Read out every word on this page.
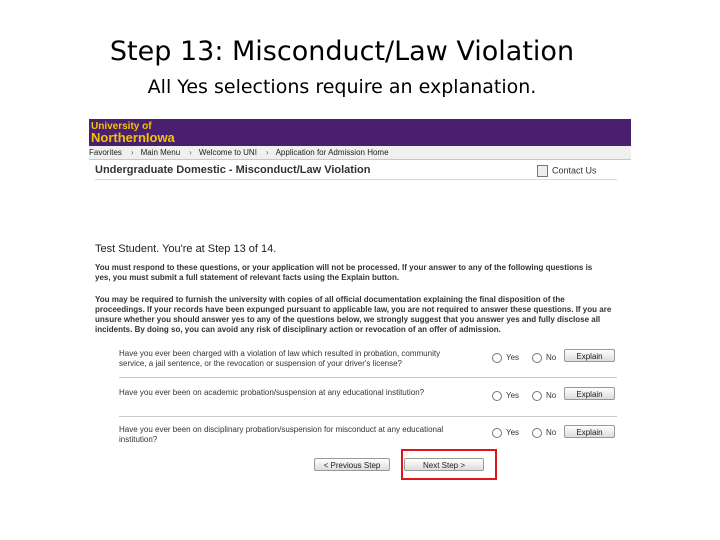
Step 13: Misconduct/Law Violation
All Yes selections require an explanation.
University of
NorthernIowa
Favorites › Main Menu › Welcome to UNI › Application for Admission Home
Undergraduate Domestic - Misconduct/Law Violation	Contact Us
Test Student. You're at Step 13 of 14.
You must respond to these questions, or your application will not be processed. If your answer to any of the following questions is yes, you must submit a full statement of relevant facts using the Explain button.
You may be required to furnish the university with copies of all official documentation explaining the final disposition of the proceedings. If your records have been expunged pursuant to applicable law, you are not required to answer these questions. If you are unsure whether you should answer yes to any of the questions below, we strongly suggest that you answer yes and fully disclose all incidents. By doing so, you can avoid any risk of disciplinary action or revocation of an offer of admission.
Have you ever been charged with a violation of law which resulted in probation, community service, a jail sentence, or the revocation or suspension of your driver's license?
Yes	No	Explain
Have you ever been on academic probation/suspension at any educational institution?	Yes	No	Explain
Have you ever been on disciplinary probation/suspension for misconduct at any educational institution?
Yes	No	Explain
< Previous Step	Next Step >
